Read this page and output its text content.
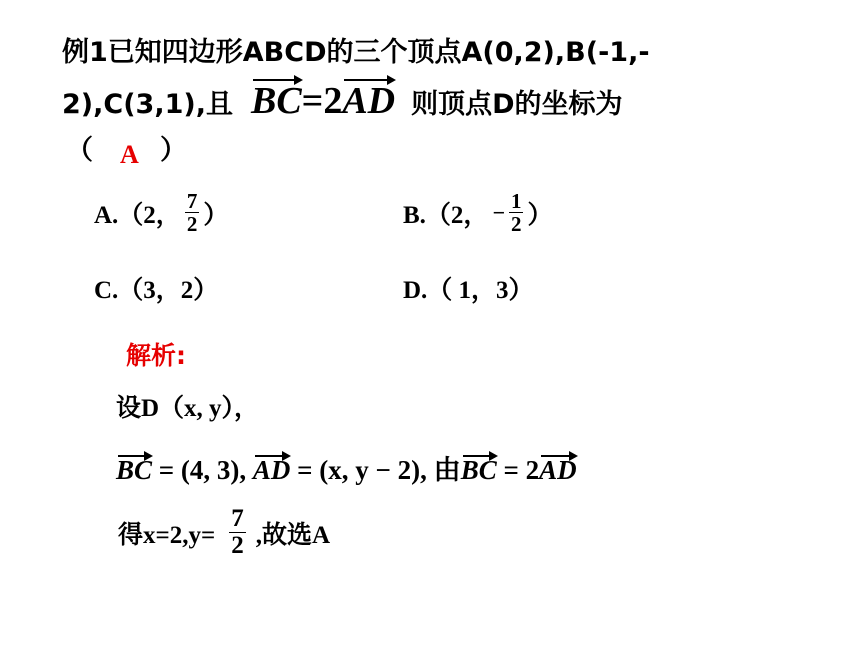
例1已知四边形ABCD的三个顶点A(0,2),B(-1,-
2),C(3,1),且 BC=2AD 则顶点D的坐标为
（ A ）
A.（2， $\frac{7}{2}$ ）	B.（2， − $\frac{1}{2}$ ）
C.（3，2）	D.（ 1，3）
解析:
设D（x, y），
BC = (4, 3), AD = (x, y − 2), 由BC = 2AD
得$x=2,y= \frac{7}{2}$ ,故选A
